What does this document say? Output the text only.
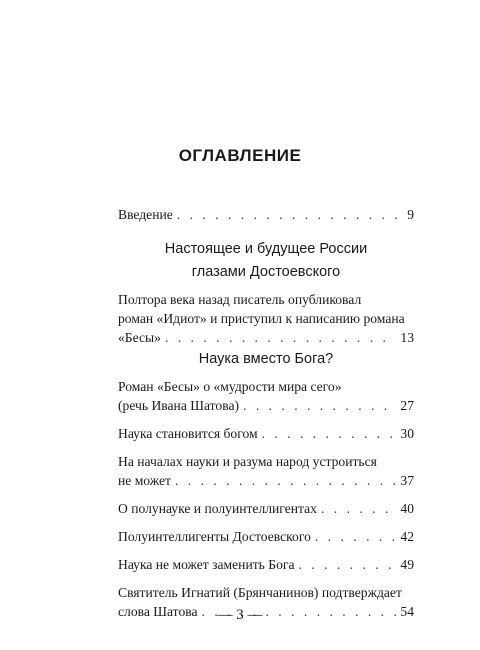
ОГЛАВЛЕНИЕ
Введение . . .	9
Настоящее и будущее России
глазами Достоевского
Полтора века назад писатель опубликовал
роман «Идиот» и приступил к написанию романа
«Бесы» . . .	13
Наука вместо Бога?
Роман «Бесы» о «мудрости мира сего»
(речь Ивана Шатова) . . .	27
Наука становится богом . . .	30
На началах науки и разума народ устроиться
не может . . .	37
О полунауке и полуинтеллигентах . . .	40
Полуинтеллигенты Достоевского . . .	42
Наука не может заменить Бога . . .	49
Святитель Игнатий (Брянчанинов) подтверждает
слова Шатова . . .	54
— 3 —
